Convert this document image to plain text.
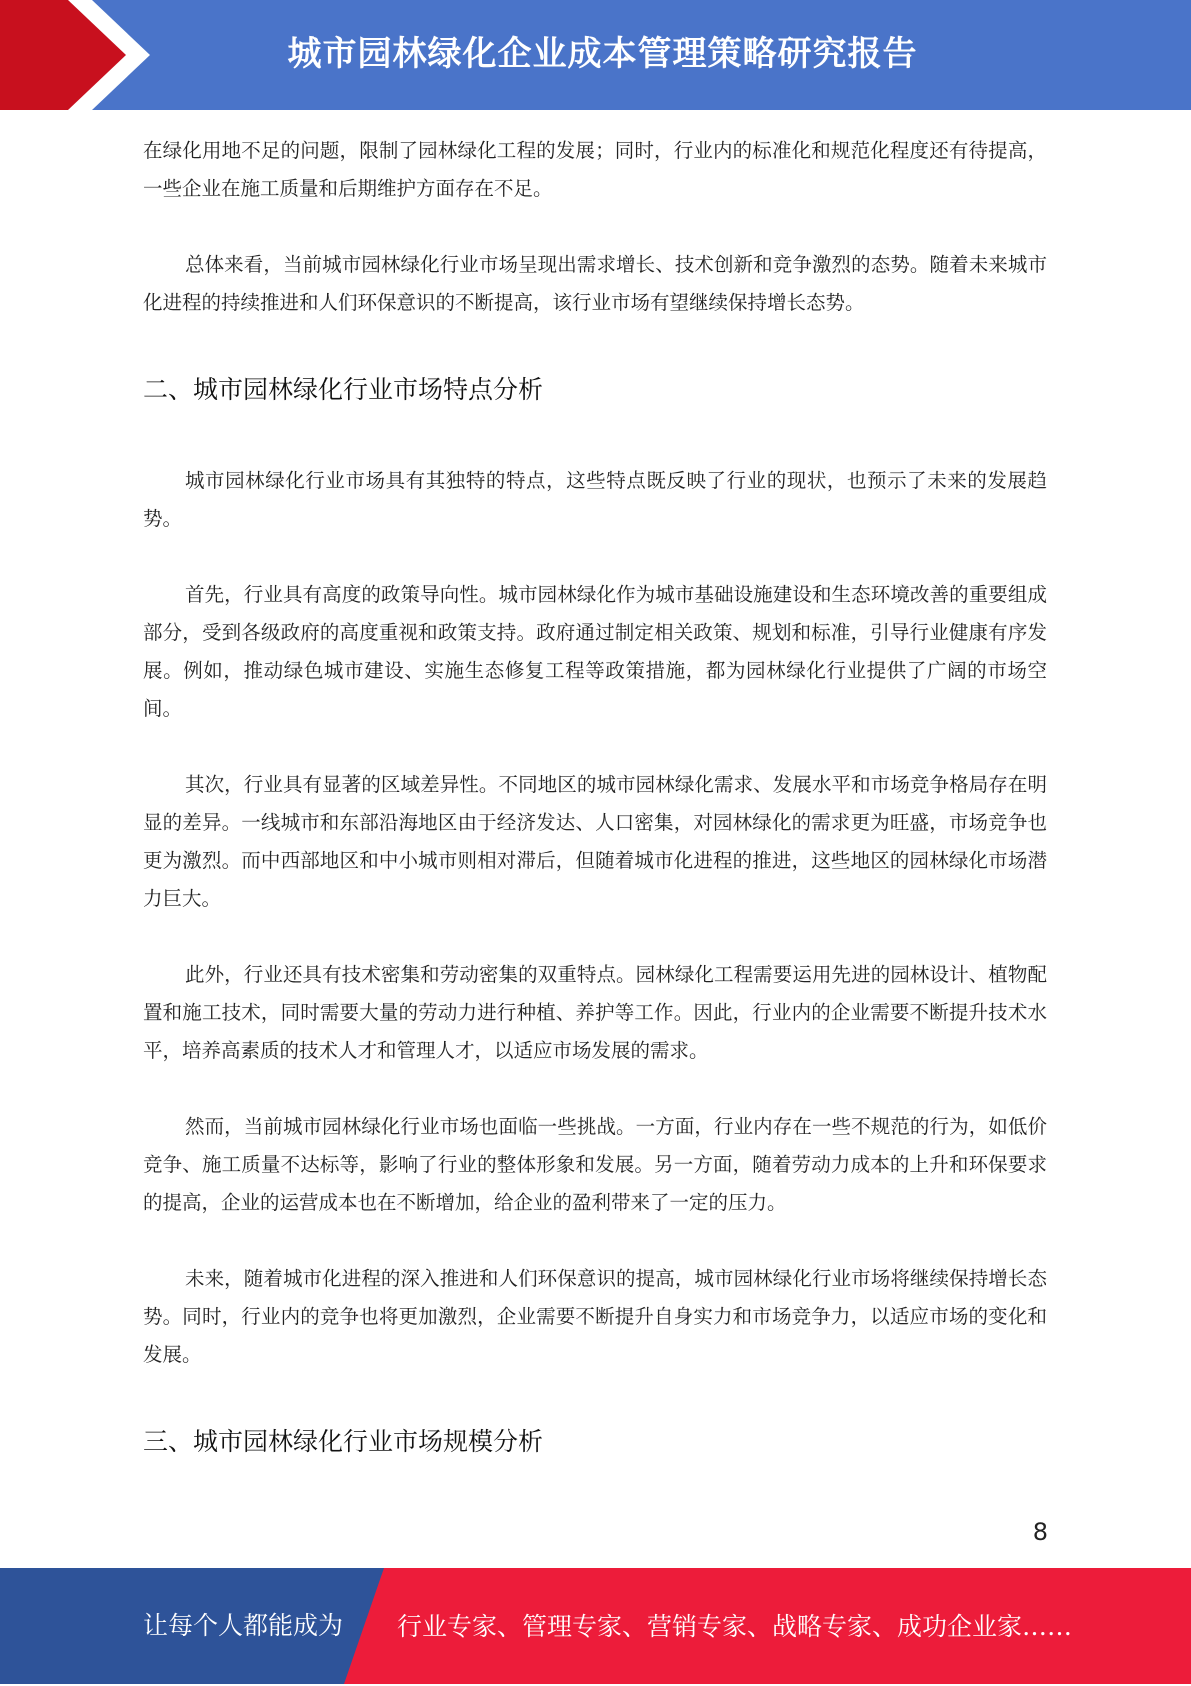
城市园林绿化企业成本管理策略研究报告

在绿化用地不足的问题，限制了园林绿化工程的发展；同时，行业内的标准化和规范化程度还有待提高，一些企业在施工质量和后期维护方面存在不足。

总体来看，当前城市园林绿化行业市场呈现出需求增长、技术创新和竞争激烈的态势。随着未来城市化进程的持续推进和人们环保意识的不断提高，该行业市场有望继续保持增长态势。

二、城市园林绿化行业市场特点分析

城市园林绿化行业市场具有其独特的特点，这些特点既反映了行业的现状，也预示了未来的发展趋势。

首先，行业具有高度的政策导向性。城市园林绿化作为城市基础设施建设和生态环境改善的重要组成部分，受到各级政府的高度重视和政策支持。政府通过制定相关政策、规划和标准，引导行业健康有序发展。例如，推动绿色城市建设、实施生态修复工程等政策措施，都为园林绿化行业提供了广阔的市场空间。

其次，行业具有显著的区域差异性。不同地区的城市园林绿化需求、发展水平和市场竞争格局存在明显的差异。一线城市和东部沿海地区由于经济发达、人口密集，对园林绿化的需求更为旺盛，市场竞争也更为激烈。而中西部地区和中小城市则相对滞后，但随着城市化进程的推进，这些地区的园林绿化市场潜力巨大。

此外，行业还具有技术密集和劳动密集的双重特点。园林绿化工程需要运用先进的园林设计、植物配置和施工技术，同时需要大量的劳动力进行种植、养护等工作。因此，行业内的企业需要不断提升技术水平，培养高素质的技术人才和管理人才，以适应市场发展的需求。

然而，当前城市园林绿化行业市场也面临一些挑战。一方面，行业内存在一些不规范的行为，如低价竞争、施工质量不达标等，影响了行业的整体形象和发展。另一方面，随着劳动力成本的上升和环保要求的提高，企业的运营成本也在不断增加，给企业的盈利带来了一定的压力。

未来，随着城市化进程的深入推进和人们环保意识的提高，城市园林绿化行业市场将继续保持增长态势。同时，行业内的竞争也将更加激烈，企业需要不断提升自身实力和市场竞争力，以适应市场的变化和发展。

三、城市园林绿化行业市场规模分析
8
让每个人都能成为 行业专家、管理专家、营销专家、战略专家、成功企业家……
